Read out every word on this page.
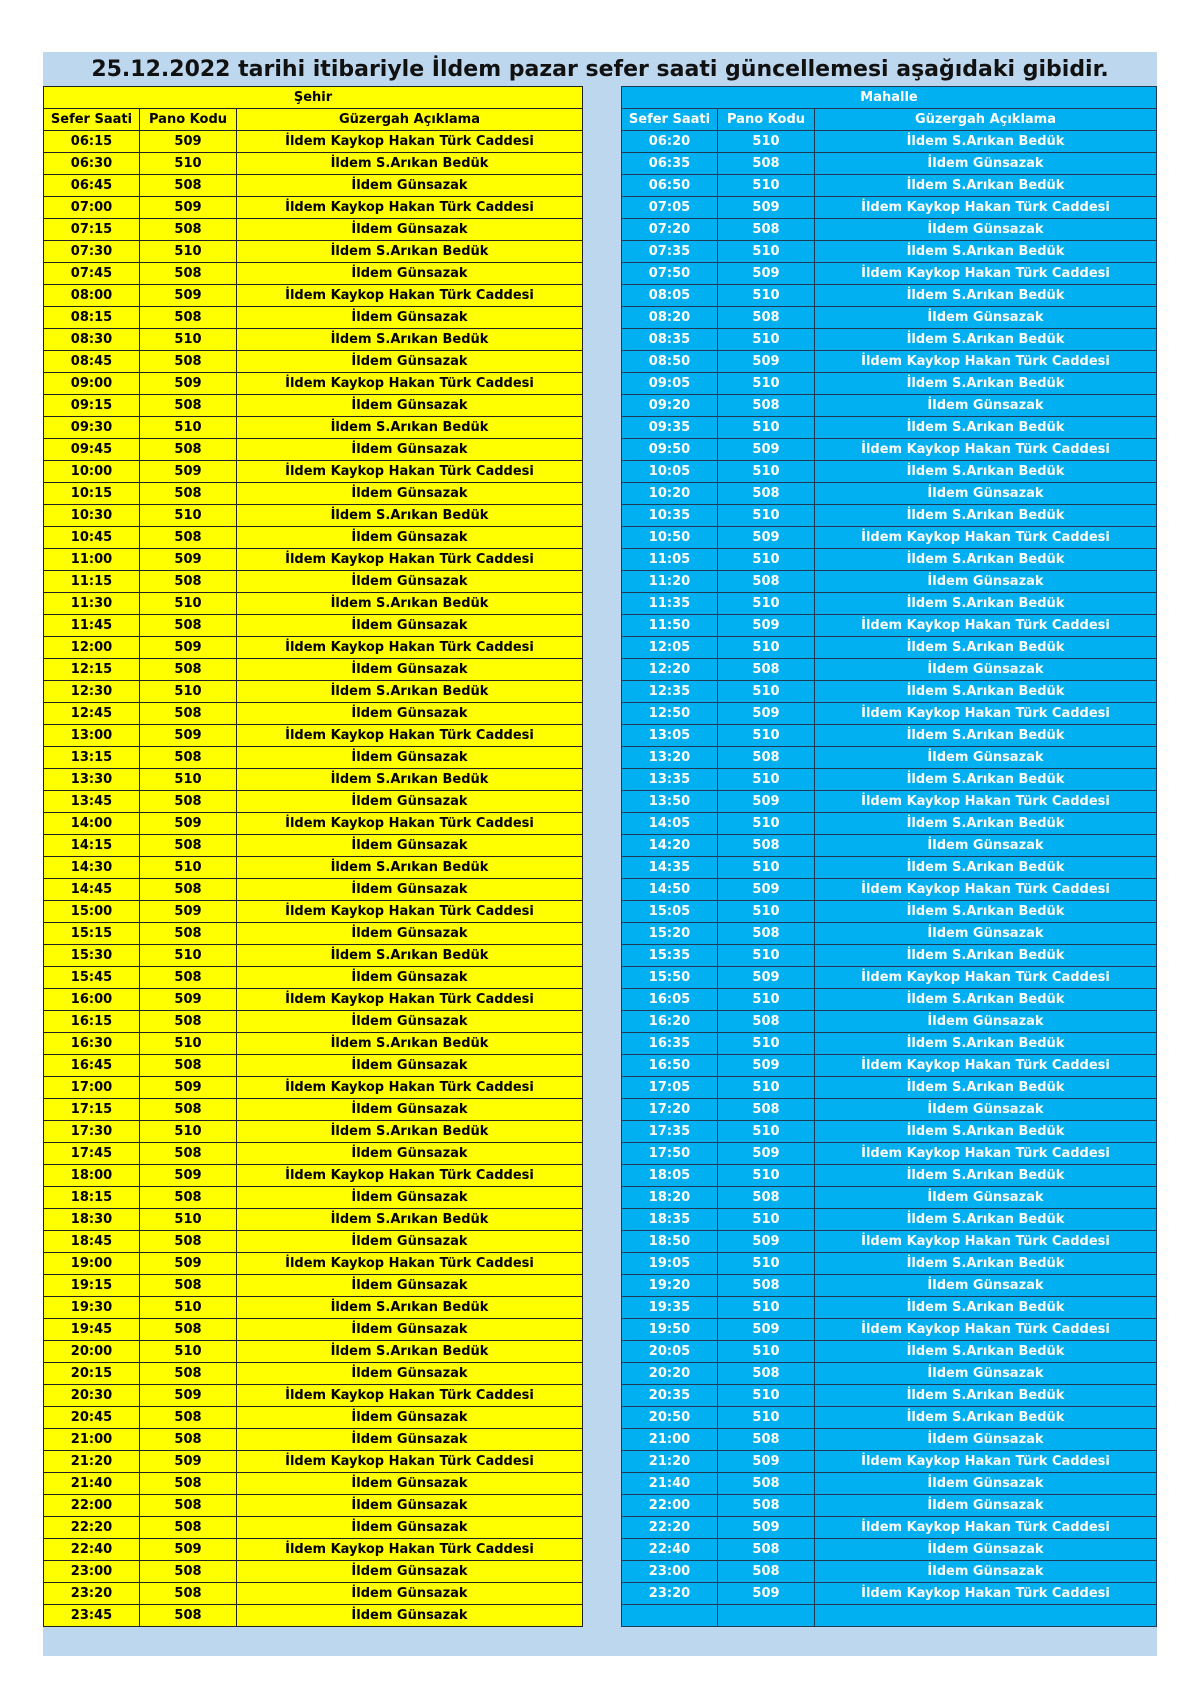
25.12.2022 tarihi itibariyle İldem pazar sefer saati güncellemesi aşağıdaki gibidir.
Şehir		
Sefer Saati	Pano Kodu	Güzergah Açıklama
06:15	509	İldem Kaykop Hakan Türk Caddesi
06:30	510	İldem S.Arıkan Bedük
06:45	508	İldem Günsazak
07:00	509	İldem Kaykop Hakan Türk Caddesi
07:15	508	İldem Günsazak
07:30	510	İldem S.Arıkan Bedük
07:45	508	İldem Günsazak
08:00	509	İldem Kaykop Hakan Türk Caddesi
08:15	508	İldem Günsazak
08:30	510	İldem S.Arıkan Bedük
08:45	508	İldem Günsazak
09:00	509	İldem Kaykop Hakan Türk Caddesi
09:15	508	İldem Günsazak
09:30	510	İldem S.Arıkan Bedük
09:45	508	İldem Günsazak
10:00	509	İldem Kaykop Hakan Türk Caddesi
10:15	508	İldem Günsazak
10:30	510	İldem S.Arıkan Bedük
10:45	508	İldem Günsazak
11:00	509	İldem Kaykop Hakan Türk Caddesi
11:15	508	İldem Günsazak
11:30	510	İldem S.Arıkan Bedük
11:45	508	İldem Günsazak
12:00	509	İldem Kaykop Hakan Türk Caddesi
12:15	508	İldem Günsazak
12:30	510	İldem S.Arıkan Bedük
12:45	508	İldem Günsazak
13:00	509	İldem Kaykop Hakan Türk Caddesi
13:15	508	İldem Günsazak
13:30	510	İldem S.Arıkan Bedük
13:45	508	İldem Günsazak
14:00	509	İldem Kaykop Hakan Türk Caddesi
14:15	508	İldem Günsazak
14:30	510	İldem S.Arıkan Bedük
14:45	508	İldem Günsazak
15:00	509	İldem Kaykop Hakan Türk Caddesi
15:15	508	İldem Günsazak
15:30	510	İldem S.Arıkan Bedük
15:45	508	İldem Günsazak
16:00	509	İldem Kaykop Hakan Türk Caddesi
16:15	508	İldem Günsazak
16:30	510	İldem S.Arıkan Bedük
16:45	508	İldem Günsazak
17:00	509	İldem Kaykop Hakan Türk Caddesi
17:15	508	İldem Günsazak
17:30	510	İldem S.Arıkan Bedük
17:45	508	İldem Günsazak
18:00	509	İldem Kaykop Hakan Türk Caddesi
18:15	508	İldem Günsazak
18:30	510	İldem S.Arıkan Bedük
18:45	508	İldem Günsazak
19:00	509	İldem Kaykop Hakan Türk Caddesi
19:15	508	İldem Günsazak
19:30	510	İldem S.Arıkan Bedük
19:45	508	İldem Günsazak
20:00	510	İldem S.Arıkan Bedük
20:15	508	İldem Günsazak
20:30	509	İldem Kaykop Hakan Türk Caddesi
20:45	508	İldem Günsazak
21:00	508	İldem Günsazak
21:20	509	İldem Kaykop Hakan Türk Caddesi
21:40	508	İldem Günsazak
22:00	508	İldem Günsazak
22:20	508	İldem Günsazak
22:40	509	İldem Kaykop Hakan Türk Caddesi
23:00	508	İldem Günsazak
23:20	508	İldem Günsazak
23:45	508	İldem Günsazak
Mahalle		
Sefer Saati	Pano Kodu	Güzergah Açıklama
06:20	510	İldem S.Arıkan Bedük
06:35	508	İldem Günsazak
06:50	510	İldem S.Arıkan Bedük
07:05	509	İldem Kaykop Hakan Türk Caddesi
07:20	508	İldem Günsazak
07:35	510	İldem S.Arıkan Bedük
07:50	509	İldem Kaykop Hakan Türk Caddesi
08:05	510	İldem S.Arıkan Bedük
08:20	508	İldem Günsazak
08:35	510	İldem S.Arıkan Bedük
08:50	509	İldem Kaykop Hakan Türk Caddesi
09:05	510	İldem S.Arıkan Bedük
09:20	508	İldem Günsazak
09:35	510	İldem S.Arıkan Bedük
09:50	509	İldem Kaykop Hakan Türk Caddesi
10:05	510	İldem S.Arıkan Bedük
10:20	508	İldem Günsazak
10:35	510	İldem S.Arıkan Bedük
10:50	509	İldem Kaykop Hakan Türk Caddesi
11:05	510	İldem S.Arıkan Bedük
11:20	508	İldem Günsazak
11:35	510	İldem S.Arıkan Bedük
11:50	509	İldem Kaykop Hakan Türk Caddesi
12:05	510	İldem S.Arıkan Bedük
12:20	508	İldem Günsazak
12:35	510	İldem S.Arıkan Bedük
12:50	509	İldem Kaykop Hakan Türk Caddesi
13:05	510	İldem S.Arıkan Bedük
13:20	508	İldem Günsazak
13:35	510	İldem S.Arıkan Bedük
13:50	509	İldem Kaykop Hakan Türk Caddesi
14:05	510	İldem S.Arıkan Bedük
14:20	508	İldem Günsazak
14:35	510	İldem S.Arıkan Bedük
14:50	509	İldem Kaykop Hakan Türk Caddesi
15:05	510	İldem S.Arıkan Bedük
15:20	508	İldem Günsazak
15:35	510	İldem S.Arıkan Bedük
15:50	509	İldem Kaykop Hakan Türk Caddesi
16:05	510	İldem S.Arıkan Bedük
16:20	508	İldem Günsazak
16:35	510	İldem S.Arıkan Bedük
16:50	509	İldem Kaykop Hakan Türk Caddesi
17:05	510	İldem S.Arıkan Bedük
17:20	508	İldem Günsazak
17:35	510	İldem S.Arıkan Bedük
17:50	509	İldem Kaykop Hakan Türk Caddesi
18:05	510	İldem S.Arıkan Bedük
18:20	508	İldem Günsazak
18:35	510	İldem S.Arıkan Bedük
18:50	509	İldem Kaykop Hakan Türk Caddesi
19:05	510	İldem S.Arıkan Bedük
19:20	508	İldem Günsazak
19:35	510	İldem S.Arıkan Bedük
19:50	509	İldem Kaykop Hakan Türk Caddesi
20:05	510	İldem S.Arıkan Bedük
20:20	508	İldem Günsazak
20:35	510	İldem S.Arıkan Bedük
20:50	510	İldem S.Arıkan Bedük
21:00	508	İldem Günsazak
21:20	509	İldem Kaykop Hakan Türk Caddesi
21:40	508	İldem Günsazak
22:00	508	İldem Günsazak
22:20	509	İldem Kaykop Hakan Türk Caddesi
22:40	508	İldem Günsazak
23:00	508	İldem Günsazak
23:20	509	İldem Kaykop Hakan Türk Caddesi
